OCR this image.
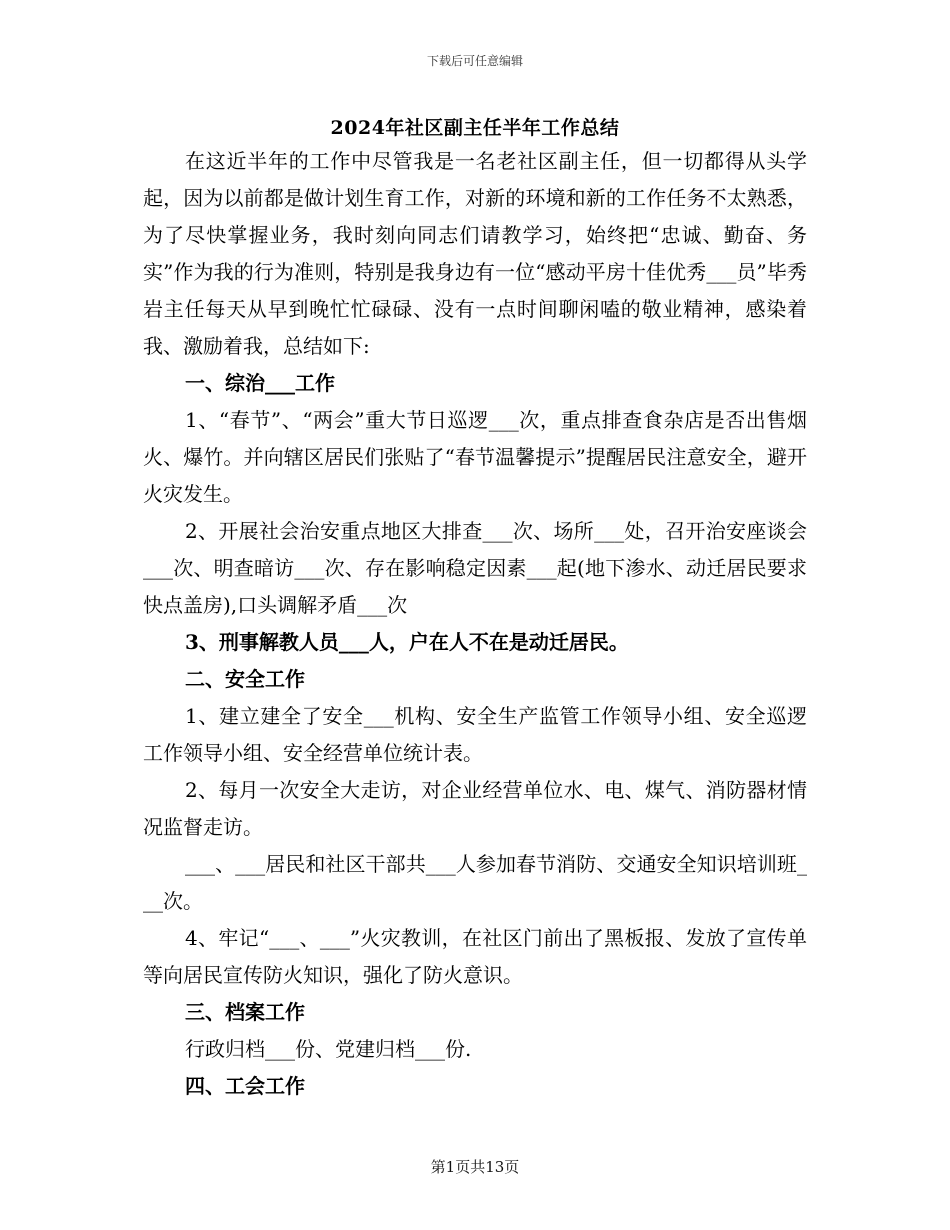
下载后可任意编辑
2024年社区副主任半年工作总结

在这近半年的工作中尽管我是一名老社区副主任，但一切都得从头学起，因为以前都是做计划生育工作，对新的环境和新的工作任务不太熟悉，为了尽快掌握业务，我时刻向同志们请教学习，始终把“忠诚、勤奋、务实”作为我的行为准则，特别是我身边有一位“感动平房十佳优秀___员”毕秀岩主任每天从早到晚忙忙碌碌、没有一点时间聊闲嗑的敬业精神，感染着我、激励着我，总结如下:

一、综治___工作

1、“春节”、“两会”重大节日巡逻___次，重点排查食杂店是否出售烟火、爆竹。并向辖区居民们张贴了“春节温馨提示”提醒居民注意安全，避开火灾发生。

2、开展社会治安重点地区大排查___次、场所___处，召开治安座谈会___次、明查暗访___次、存在影响稳定因素___起(地下渗水、动迁居民要求快点盖房),口头调解矛盾___次

3、刑事解教人员___人，户在人不在是动迁居民。

二、安全工作

1、建立建全了安全___机构、安全生产监管工作领导小组、安全巡逻工作领导小组、安全经营单位统计表。

2、每月一次安全大走访，对企业经营单位水、电、煤气、消防器材情况监督走访。

___、___居民和社区干部共___人参加春节消防、交通安全知识培训班___次。

4、牢记“___、___”火灾教训，在社区门前出了黑板报、发放了宣传单等向居民宣传防火知识，强化了防火意识。

三、档案工作

行政归档___份、党建归档___份.

四、工会工作

第1页共13页
